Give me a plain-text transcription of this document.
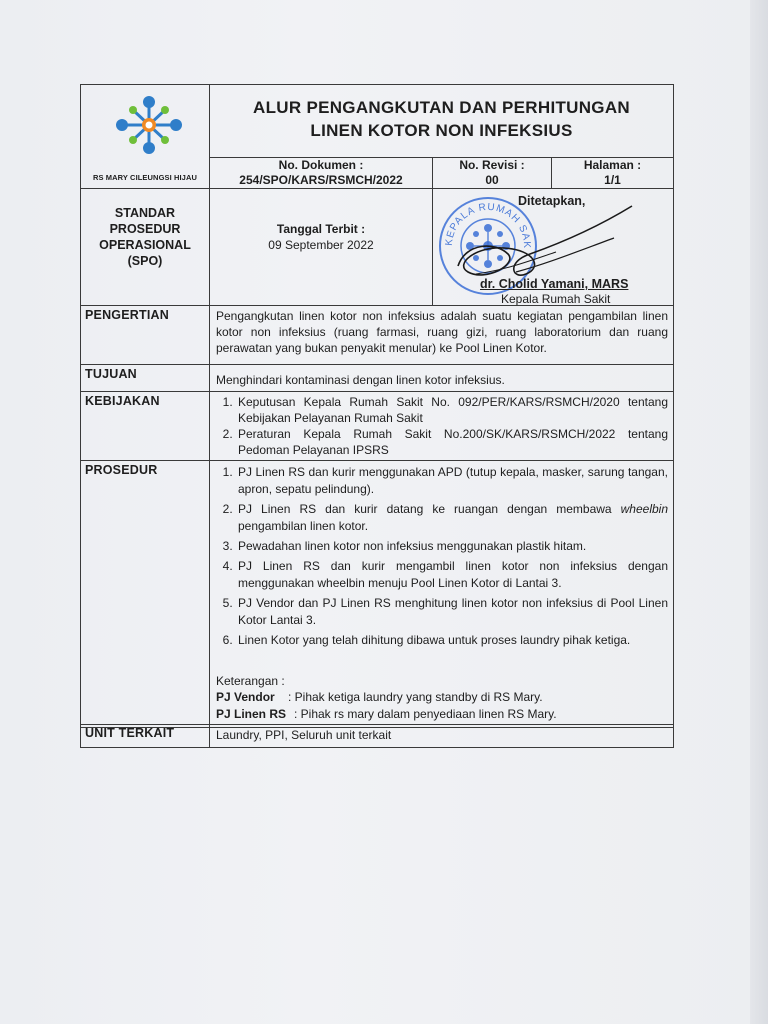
RS MARY CILEUNGSI HIJAU
ALUR PENGANGKUTAN DAN PERHITUNGAN
LINEN KOTOR NON INFEKSIUS
No. Dokumen :
254/SPO/KARS/RSMCH/2022
No. Revisi :
00
Halaman :
1/1
STANDAR
PROSEDUR
OPERASIONAL
(SPO)
Tanggal Terbit :
09 September 2022	KEPALA RUMAH SAK
Ditetapkan,
dr. Cholid Yamani, MARS
Kepala Rumah Sakit
PENGERTIAN	Pengangkutan linen kotor non infeksius adalah suatu kegiatan pengambilan linen kotor non infeksius (ruang farmasi, ruang gizi, ruang laboratorium dan ruang perawatan yang bukan penyakit menular) ke Pool Linen Kotor.
TUJUAN	Menghindari kontaminasi dengan linen kotor infeksius.
KEBIJAKAN	1. Keputusan Kepala Rumah Sakit No. 092/PER/KARS/RSMCH/2020 tentang Kebijakan Pelayanan Rumah Sakit
2. Peraturan Kepala Rumah Sakit No.200/SK/KARS/RSMCH/2022 tentang Pedoman Pelayanan IPSRS
PROSEDUR	1. PJ Linen RS dan kurir menggunakan APD (tutup kepala, masker, sarung tangan, apron, sepatu pelindung).
2. PJ Linen RS dan kurir datang ke ruangan dengan membawa wheelbin pengambilan linen kotor.
3. Pewadahan linen kotor non infeksius menggunakan plastik hitam.
4. PJ Linen RS dan kurir mengambil linen kotor non infeksius dengan menggunakan wheelbin menuju Pool Linen Kotor di Lantai 3.
5. PJ Vendor dan PJ Linen RS menghitung linen kotor non infeksius di Pool Linen Kotor Lantai 3.
6. Linen Kotor yang telah dihitung dibawa untuk proses laundry pihak ketiga.
Keterangan :
PJ Vendor : Pihak ketiga laundry yang standby di RS Mary.
PJ Linen RS : Pihak rs mary dalam penyediaan linen RS Mary.
UNIT TERKAIT	Laundry, PPI, Seluruh unit terkait
